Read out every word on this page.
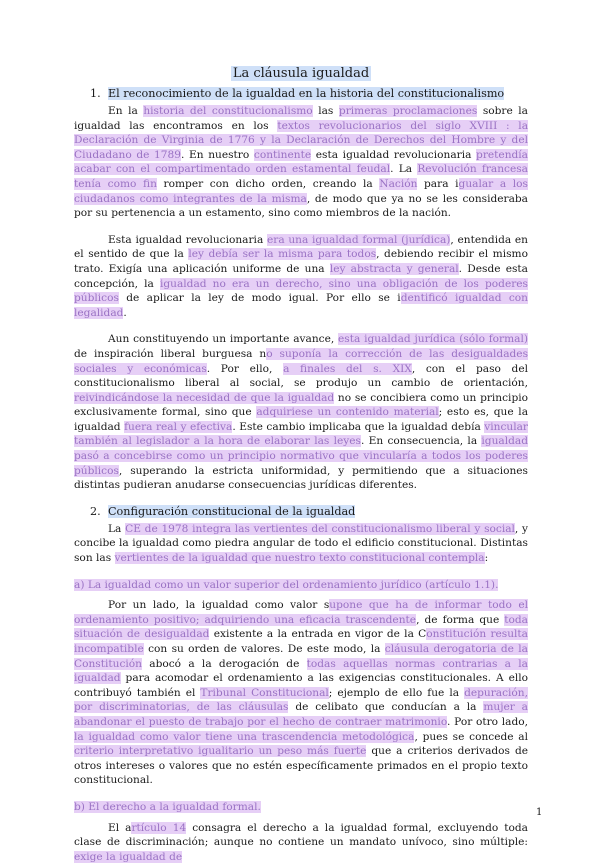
La cláusula igualdad
1. El reconocimiento de la igualdad en la historia del constitucionalismo

En la historia del constitucionalismo las primeras proclamaciones sobre la igualdad las encontramos en los textos revolucionarios del siglo XVIII : la Declaración de Virginia de 1776 y la Declaración de Derechos del Hombre y del Ciudadano de 1789. En nuestro continente esta igualdad revolucionaria pretendía acabar con el compartimentado orden estamental feudal. La Revolución francesa tenía como fin romper con dicho orden, creando la Nación para igualar a los ciudadanos como integrantes de la misma, de modo que ya no se les consideraba por su pertenencia a un estamento, sino como miembros de la nación.

Esta igualdad revolucionaria era una igualdad formal (jurídica), entendida en el sentido de que la ley debía ser la misma para todos, debiendo recibir el mismo trato. Exigía una aplicación uniforme de una ley abstracta y general. Desde esta concepción, la igualdad no era un derecho, sino una obligación de los poderes públicos de aplicar la ley de modo igual. Por ello se identificó igualdad con legalidad.

Aun constituyendo un importante avance, esta igualdad jurídica (sólo formal) de inspiración liberal burguesa no suponía la corrección de las desigualdades sociales y económicas. Por ello, a finales del s. XIX, con el paso del constitucionalismo liberal al social, se produjo un cambio de orientación, reivindicándose la necesidad de que la igualdad no se concibiera como un principio exclusivamente formal, sino que adquiriese un contenido material; esto es, que la igualdad fuera real y efectiva. Este cambio implicaba que la igualdad debía vincular también al legislador a la hora de elaborar las leyes. En consecuencia, la igualdad pasó a concebirse como un principio normativo que vincularía a todos los poderes públicos, superando la estricta uniformidad, y permitiendo que a situaciones distintas pudieran anudarse consecuencias jurídicas diferentes.

2. Configuración constitucional de la igualdad

La CE de 1978 integra las vertientes del constitucionalismo liberal y social, y concibe la igualdad como piedra angular de todo el edificio constitucional. Distintas son las vertientes de la igualdad que nuestro texto constitucional contempla:

a) La igualdad como un valor superior del ordenamiento jurídico (artículo 1.1).

Por un lado, la igualdad como valor supone que ha de informar todo el ordenamiento positivo; adquiriendo una eficacia trascendente, de forma que toda situación de desigualdad existente a la entrada en vigor de la Constitución resulta incompatible con su orden de valores. De este modo, la cláusula derogatoria de la Constitución abocó a la derogación de todas aquellas normas contrarias a la igualdad para acomodar el ordenamiento a las exigencias constitucionales. A ello contribuyó también el Tribunal Constitucional; ejemplo de ello fue la depuración, por discriminatorias, de las cláusulas de celibato que conducían a la mujer a abandonar el puesto de trabajo por el hecho de contraer matrimonio. Por otro lado, la igualdad como valor tiene una trascendencia metodológica, pues se concede al criterio interpretativo igualitario un peso más fuerte que a criterios derivados de otros intereses o valores que no estén específicamente primados en el propio texto constitucional.

b) El derecho a la igualdad formal.

El artículo 14 consagra el derecho a la igualdad formal, excluyendo toda clase de discriminación; aunque no contiene un mandato unívoco, sino múltiple: exige la igualdad de

1
